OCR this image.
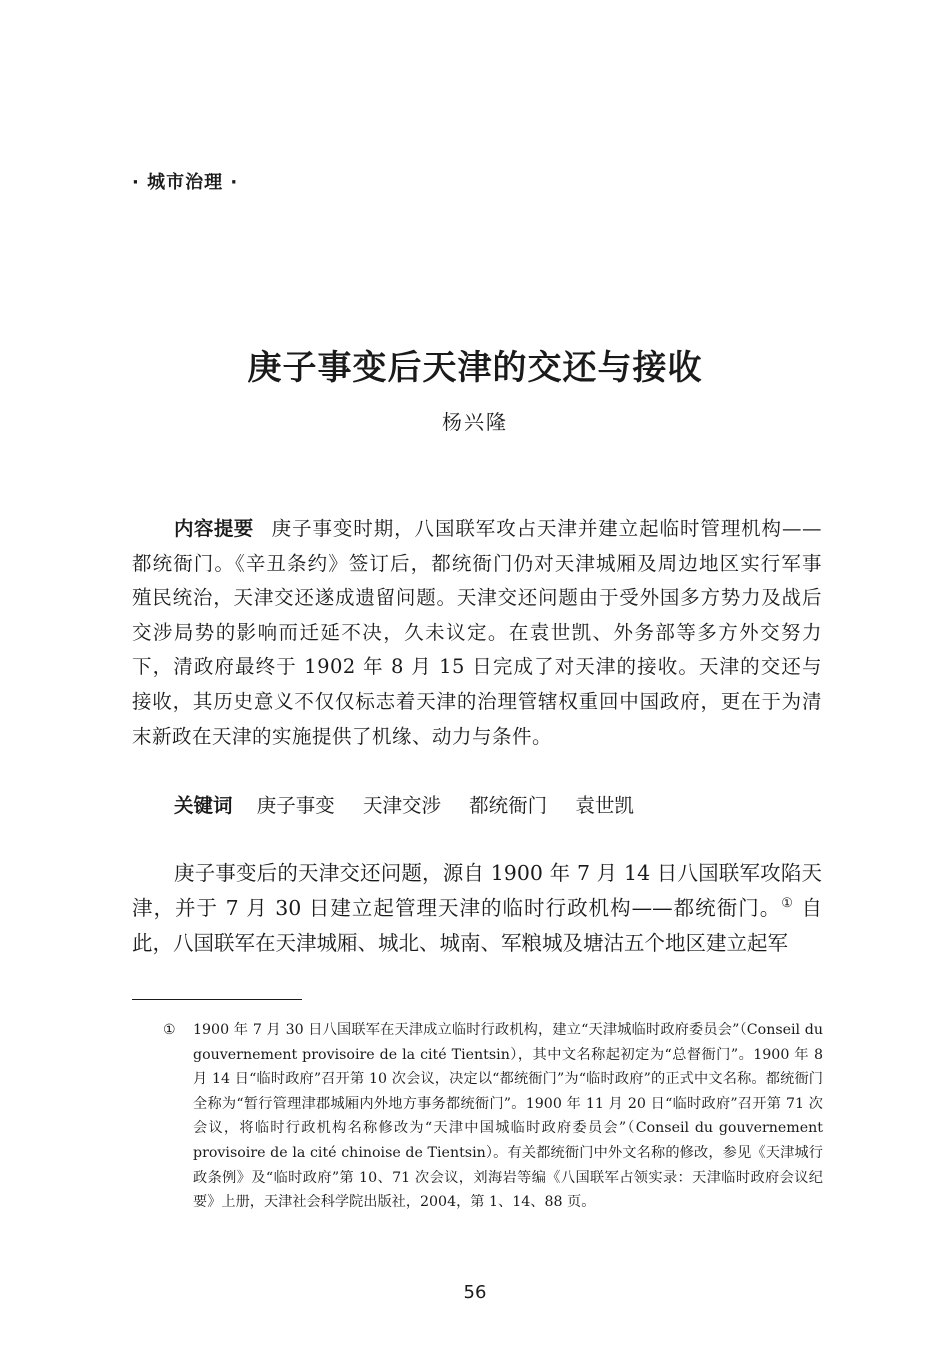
· 城市治理 ·
庚子事变后天津的交还与接收
杨兴隆
内容提要 庚子事变时期，八国联军攻占天津并建立起临时管理机构——都统衙门。《辛丑条约》签订后，都统衙门仍对天津城厢及周边地区实行军事殖民统治，天津交还遂成遗留问题。天津交还问题由于受外国多方势力及战后交涉局势的影响而迁延不决，久未议定。在袁世凯、外务部等多方外交努力下，清政府最终于 1902 年 8 月 15 日完成了对天津的接收。天津的交还与接收，其历史意义不仅仅标志着天津的治理管辖权重回中国政府，更在于为清末新政在天津的实施提供了机缘、动力与条件。
关键词 庚子事变 天津交涉 都统衙门 袁世凯

庚子事变后的天津交还问题，源自 1900 年 7 月 14 日八国联军攻陷天津，并于 7 月 30 日建立起管理天津的临时行政机构——都统衙门。① 自此，八国联军在天津城厢、城北、城南、军粮城及塘沽五个地区建立起军

① 1900 年 7 月 30 日八国联军在天津成立临时行政机构，建立“天津城临时政府委员会”（Conseil du gouvernement provisoire de la cité Tientsin），其中文名称起初定为“总督衙门”。1900 年 8 月 14 日“临时政府”召开第 10 次会议，决定以“都统衙门”为“临时政府”的正式中文名称。都统衙门全称为“暂行管理津郡城厢内外地方事务都统衙门”。1900 年 11 月 20 日“临时政府”召开第 71 次会议，将临时行政机构名称修改为“天津中国城临时政府委员会”（Conseil du gouvernement provisoire de la cité chinoise de Tientsin）。有关都统衙门中外文名称的修改，参见《天津城行政条例》及“临时政府”第 10、71 次会议，刘海岩等编《八国联军占领实录：天津临时政府会议纪要》上册，天津社会科学院出版社，2004，第 1、14、88 页。
56
